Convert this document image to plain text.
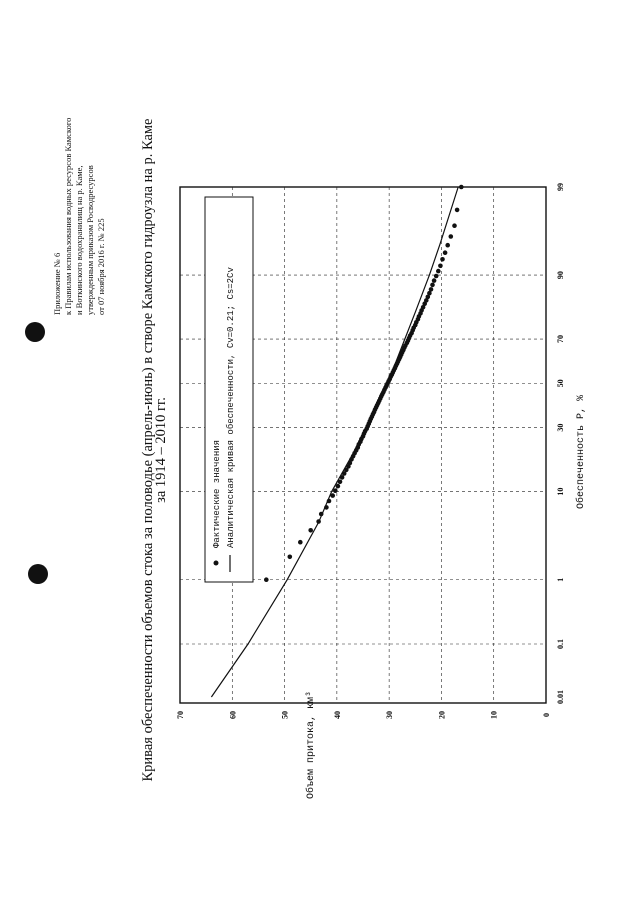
Приложение № 6 к Правилам использования водных ресурсов Камского и Воткинского водохранилищ на р. Каме, утвержденным приказом Росводресурсов от 07 ноября 2016 г. № 225 Кривая обеспеченности объемов стока за половодье (апрель-июнь) в створе Камского гидроузла на р. Каме
за 1914 – 2010 гг.
0.01
0.1
1
10
30
50
70
90
99
0
10
20
30
40
50
60
70
Обеспеченность P, %
Объем притока, км³
Фактические значения Аналитическая кривая обеспеченности, Cv=0.21; Cs=2Cv
